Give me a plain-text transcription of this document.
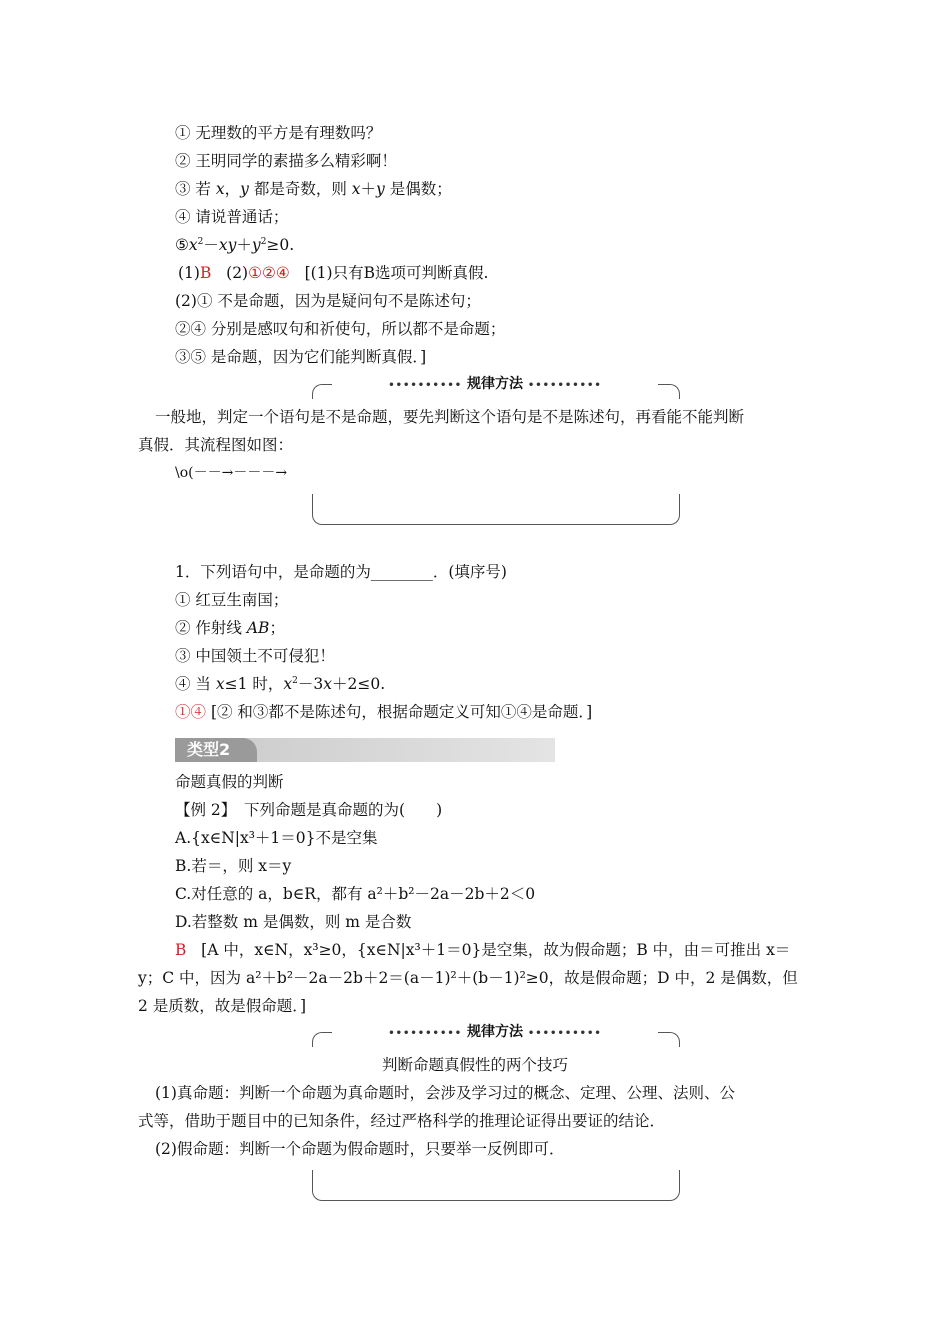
① 无理数的平方是有理数吗？
② 王明同学的素描多么精彩啊！
③ 若 x，y 都是奇数，则 x＋y 是偶数；
④ 请说普通话；
$⑤x^2-xy+y^2\ge 0$.
(1)B (2)①②④ [(1)只有B选项可判断真假.
(2)① 不是命题，因为是疑问句不是陈述句；
②④ 分别是感叹句和祈使句，所以都不是命题；
③⑤ 是命题，因为它们能判断真假．]
•••••••••• 规律方法 ••••••••••
一般地，判定一个语句是不是命题，要先判断这个语句是不是陈述句，再看能不能判断
真假．其流程图如图：
\o(－－→－－－→
1．下列语句中，是命题的为________．(填序号)
① 红豆生南国；
② 作射线 AB；
③ 中国领土不可侵犯！
④ 当 x≤1 时，$x^2-3x+2\le 0$.
①④ [② 和③都不是陈述句，根据命题定义可知①④是命题．]
类型2
命题真假的判断
【例 2】　下列命题是真命题的为(　　)
A.{x∈N|x³＋1＝0}不是空集
B.若＝，则 x＝y
C.对任意的 a，b∈R，都有 a²＋b²－2a－2b＋2＜0
D.若整数 m 是偶数，则 m 是合数
B [A 中，x∈N，x³≥0，{x∈N|x³＋1＝0}是空集，故为假命题；B 中，由＝可推出 x＝
y；C 中，因为 a²＋b²－2a－2b＋2＝(a－1)²＋(b－1)²≥0，故是假命题；D 中，2 是偶数，但
2 是质数，故是假命题．]
•••••••••• 规律方法 ••••••••••
判断命题真假性的两个技巧
(1)真命题：判断一个命题为真命题时，会涉及学习过的概念、定理、公理、法则、公
式等，借助于题目中的已知条件，经过严格科学的推理论证得出要证的结论．
(2)假命题：判断一个命题为假命题时，只要举一反例即可．
